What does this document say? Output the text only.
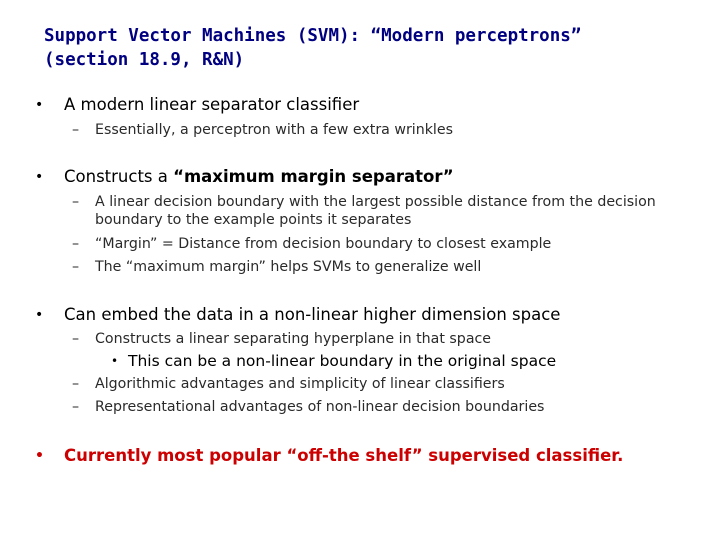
Support Vector Machines (SVM): “Modern perceptrons”
(section 18.9, R&N)
• A modern linear separator classifier
– Essentially, a perceptron with a few extra wrinkles
• Constructs a “maximum margin separator”
– A linear decision boundary with the largest possible distance from the decision boundary to the example points it separates
– “Margin” = Distance from decision boundary to closest example
– The “maximum margin” helps SVMs to generalize well
• Can embed the data in a non-linear higher dimension space
– Constructs a linear separating hyperplane in that space
• This can be a non-linear boundary in the original space
– Algorithmic advantages and simplicity of linear classifiers
– Representational advantages of non-linear decision boundaries
• Currently most popular “off-the shelf” supervised classifier.
